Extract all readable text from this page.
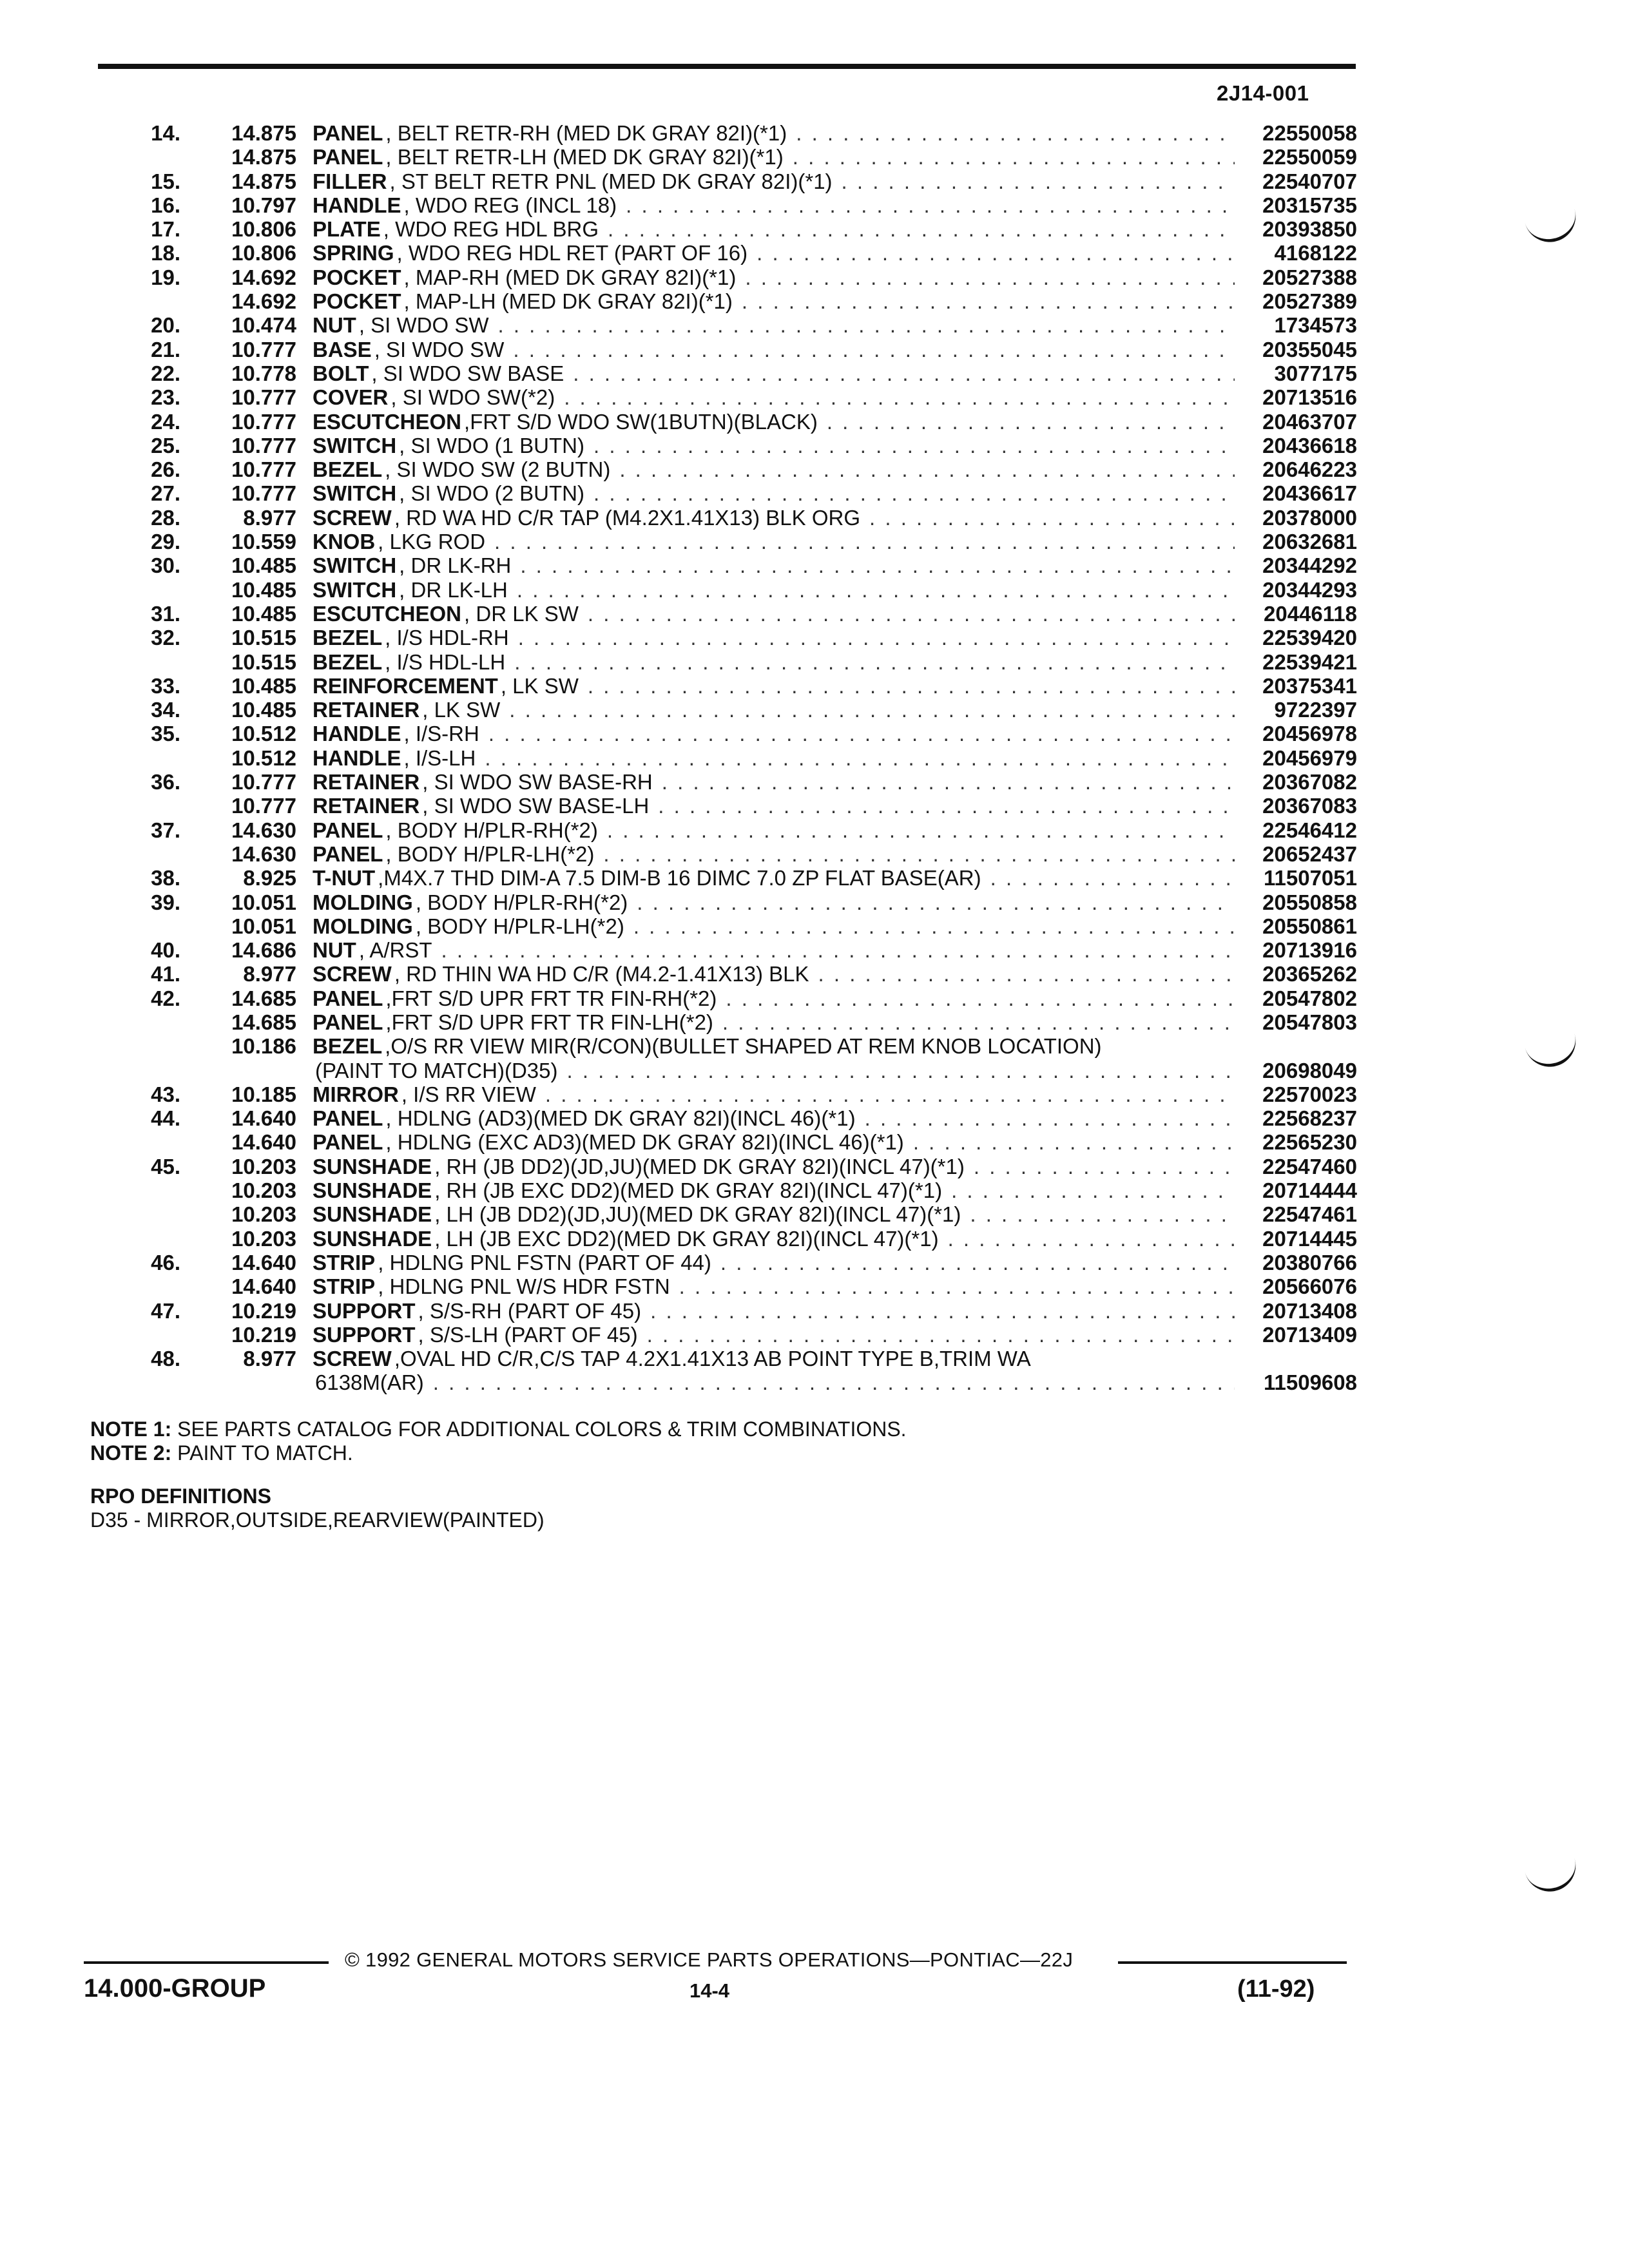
2J14-001
14.	14.875 PANEL , BELT RETR-RH (MED DK GRAY 82I)(*1) . . .	22550058
14.875 PANEL , BELT RETR-LH (MED DK GRAY 82I)(*1) . . .	22550059
15.	14.875 FILLER , ST BELT RETR PNL (MED DK GRAY 82I)(*1) . . .	22540707
16.	10.797 HANDLE , WDO REG (INCL 18) . . .	20315735
17.	10.806 PLATE , WDO REG HDL BRG . . .	20393850
18.	10.806 SPRING , WDO REG HDL RET (PART OF 16) . . .	4168122
19.	14.692 POCKET , MAP-RH (MED DK GRAY 82I)(*1) . . .	20527388
14.692 POCKET , MAP-LH (MED DK GRAY 82I)(*1) . . .	20527389
20.	10.474 NUT , SI WDO SW . . .	1734573
21.	10.777 BASE , SI WDO SW . . .	20355045
22.	10.778 BOLT , SI WDO SW BASE . . .	3077175
23.	10.777 COVER , SI WDO SW(*2) . . .	20713516
24.	10.777 ESCUTCHEON ,FRT S/D WDO SW(1BUTN)(BLACK) . . .	20463707
25.	10.777 SWITCH , SI WDO (1 BUTN) . . .	20436618
26.	10.777 BEZEL , SI WDO SW (2 BUTN) . . .	20646223
27.	10.777 SWITCH , SI WDO (2 BUTN) . . .	20436617
28.	8.977 SCREW , RD WA HD C/R TAP (M4.2X1.41X13) BLK ORG . . .	20378000
29.	10.559 KNOB , LKG ROD . . .	20632681
30.	10.485 SWITCH , DR LK-RH . . .	20344292
10.485 SWITCH , DR LK-LH . . .	20344293
31.	10.485 ESCUTCHEON , DR LK SW . . .	20446118
32.	10.515 BEZEL , I/S HDL-RH . . .	22539420
10.515 BEZEL , I/S HDL-LH . . .	22539421
33.	10.485 REINFORCEMENT , LK SW . . .	20375341
34.	10.485 RETAINER , LK SW . . .	9722397
35.	10.512 HANDLE , I/S-RH . . .	20456978
10.512 HANDLE , I/S-LH . . .	20456979
36.	10.777 RETAINER , SI WDO SW BASE-RH . . .	20367082
10.777 RETAINER , SI WDO SW BASE-LH . . .	20367083
37.	14.630 PANEL , BODY H/PLR-RH(*2) . . .	22546412
14.630 PANEL , BODY H/PLR-LH(*2) . . .	20652437
38.	8.925 T-NUT ,M4X.7 THD DIM-A 7.5 DIM-B 16 DIMC 7.0 ZP FLAT BASE(AR) . . .	11507051
39.	10.051 MOLDING , BODY H/PLR-RH(*2) . . .	20550858
10.051 MOLDING , BODY H/PLR-LH(*2) . . .	20550861
40.	14.686 NUT , A/RST . . .	20713916
41.	8.977 SCREW , RD THIN WA HD C/R (M4.2-1.41X13) BLK . . .	20365262
42.	14.685 PANEL ,FRT S/D UPR FRT TR FIN-RH(*2) . . .	20547802
14.685 PANEL ,FRT S/D UPR FRT TR FIN-LH(*2) . . .	20547803
10.186 BEZEL ,O/S RR VIEW MIR(R/CON)(BULLET SHAPED AT REM KNOB LOCATION)
(PAINT TO MATCH)(D35) . . .	20698049
43.	10.185 MIRROR , I/S RR VIEW . . .	22570023
44.	14.640 PANEL , HDLNG (AD3)(MED DK GRAY 82I)(INCL 46)(*1) . . .	22568237
14.640 PANEL , HDLNG (EXC AD3)(MED DK GRAY 82I)(INCL 46)(*1) . . .	22565230
45.	10.203 SUNSHADE , RH (JB DD2)(JD,JU)(MED DK GRAY 82I)(INCL 47)(*1) . . .	22547460
10.203 SUNSHADE , RH (JB EXC DD2)(MED DK GRAY 82I)(INCL 47)(*1) . . .	20714444
10.203 SUNSHADE , LH (JB DD2)(JD,JU)(MED DK GRAY 82I)(INCL 47)(*1) . . .	22547461
10.203 SUNSHADE , LH (JB EXC DD2)(MED DK GRAY 82I)(INCL 47)(*1) . . .	20714445
46.	14.640 STRIP , HDLNG PNL FSTN (PART OF 44) . . .	20380766
14.640 STRIP , HDLNG PNL W/S HDR FSTN . . .	20566076
47.	10.219 SUPPORT , S/S-RH (PART OF 45) . . .	20713408
10.219 SUPPORT , S/S-LH (PART OF 45) . . .	20713409
48.	8.977 SCREW ,OVAL HD C/R,C/S TAP 4.2X1.41X13 AB POINT TYPE B,TRIM WA
6138M(AR) . . .	11509608
NOTE 1: SEE PARTS CATALOG FOR ADDITIONAL COLORS & TRIM COMBINATIONS.
NOTE 2: PAINT TO MATCH.
RPO DEFINITIONS
D35 - MIRROR,OUTSIDE,REARVIEW(PAINTED)
© 1992 GENERAL MOTORS SERVICE PARTS OPERATIONS—PONTIAC—22J
14.000-GROUP	14-4	(11-92)
